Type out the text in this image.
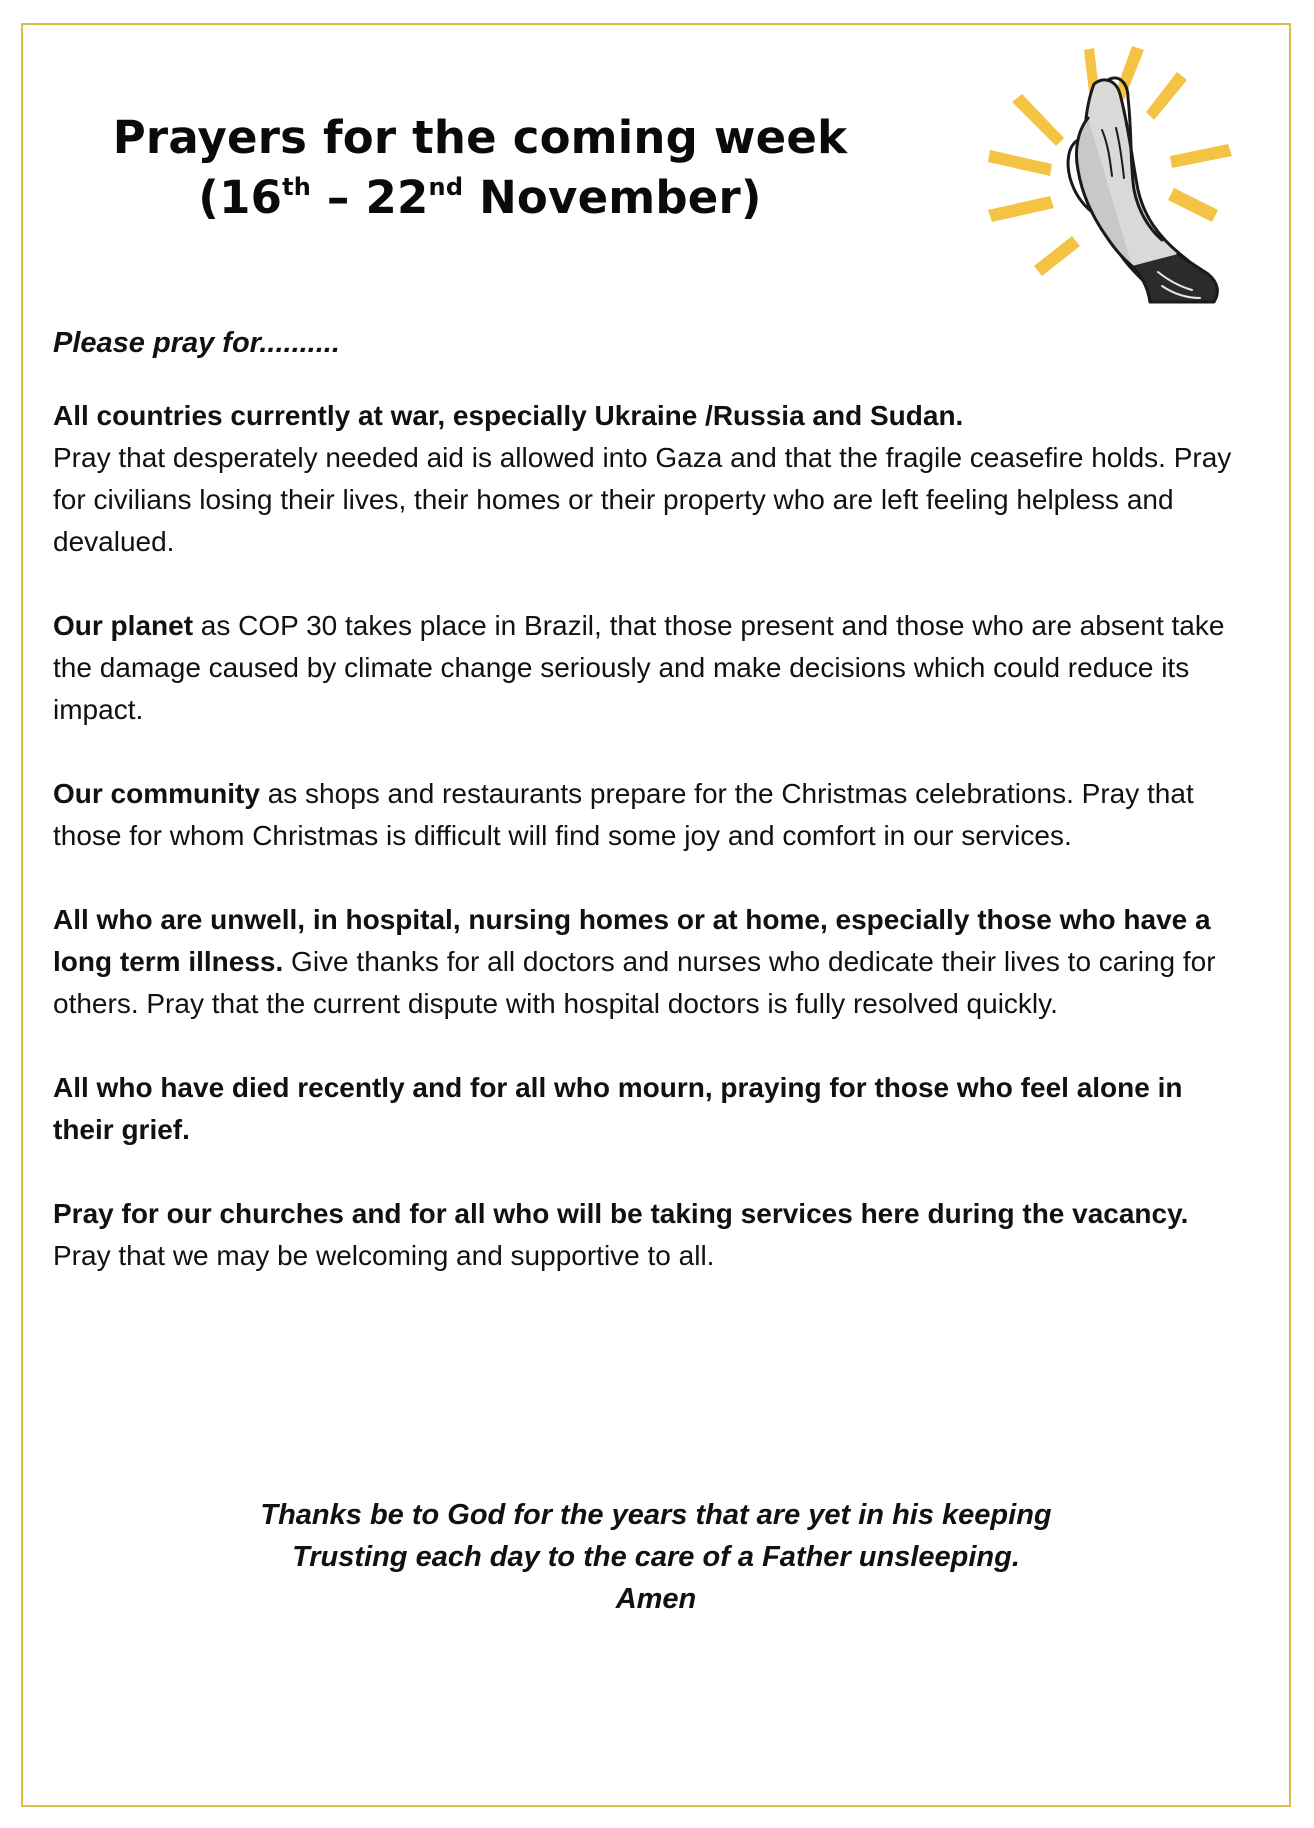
Prayers for the coming week
(16th – 22nd November)
Please pray for..........

All countries currently at war, especially Ukraine /Russia and Sudan.
Pray that desperately needed aid is allowed into Gaza and that the fragile ceasefire holds. Pray for civilians losing their lives, their homes or their property who are left feeling helpless and devalued.

Our planet as COP 30 takes place in Brazil, that those present and those who are absent take the damage caused by climate change seriously and make decisions which could reduce its impact.

Our community as shops and restaurants prepare for the Christmas celebrations. Pray that those for whom Christmas is difficult will find some joy and comfort in our services.

All who are unwell, in hospital, nursing homes or at home, especially those who have a long term illness. Give thanks for all doctors and nurses who dedicate their lives to caring for others. Pray that the current dispute with hospital doctors is fully resolved quickly.

All who have died recently and for all who mourn, praying for those who feel alone in their grief.

Pray for our churches and for all who will be taking services here during the vacancy. Pray that we may be welcoming and supportive to all.

Thanks be to God for the years that are yet in his keeping
Trusting each day to the care of a Father unsleeping.
Amen
